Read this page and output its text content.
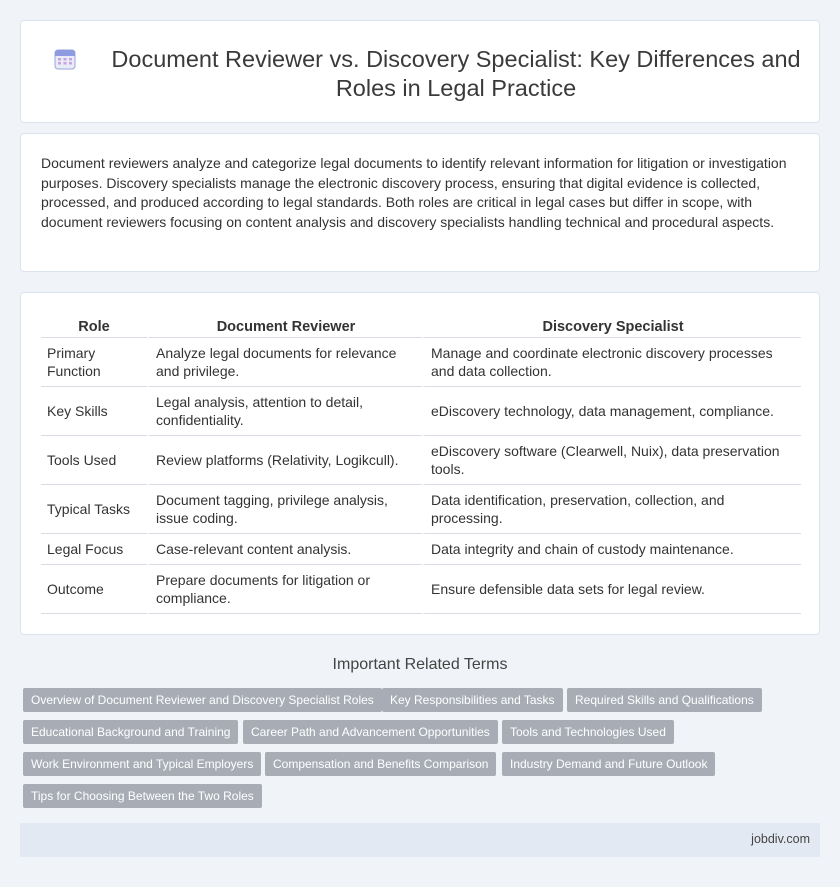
Document Reviewer vs. Discovery Specialist: Key Differences and Roles in Legal Practice

Document reviewers analyze and categorize legal documents to identify relevant information for litigation or investigation purposes. Discovery specialists manage the electronic discovery process, ensuring that digital evidence is collected, processed, and produced according to legal standards. Both roles are critical in legal cases but differ in scope, with document reviewers focusing on content analysis and discovery specialists handling technical and procedural aspects.

Role	Document Reviewer	Discovery Specialist
Primary Function	Analyze legal documents for relevance and privilege.	Manage and coordinate electronic discovery processes and data collection.
Key Skills	Legal analysis, attention to detail, confidentiality.	eDiscovery technology, data management, compliance.
Tools Used	Review platforms (Relativity, Logikcull).	eDiscovery software (Clearwell, Nuix), data preservation tools.
Typical Tasks	Document tagging, privilege analysis, issue coding.	Data identification, preservation, collection, and processing.
Legal Focus	Case-relevant content analysis.	Data integrity and chain of custody maintenance.
Outcome	Prepare documents for litigation or compliance.	Ensure defensible data sets for legal review.
Important Related Terms
Overview of Document Reviewer and Discovery Specialist Roles	Key Responsibilities and Tasks	Required Skills and Qualifications
Educational Background and Training	Career Path and Advancement Opportunities	Tools and Technologies Used
Work Environment and Typical Employers	Compensation and Benefits Comparison	Industry Demand and Future Outlook
Tips for Choosing Between the Two Roles
jobdiv.com
